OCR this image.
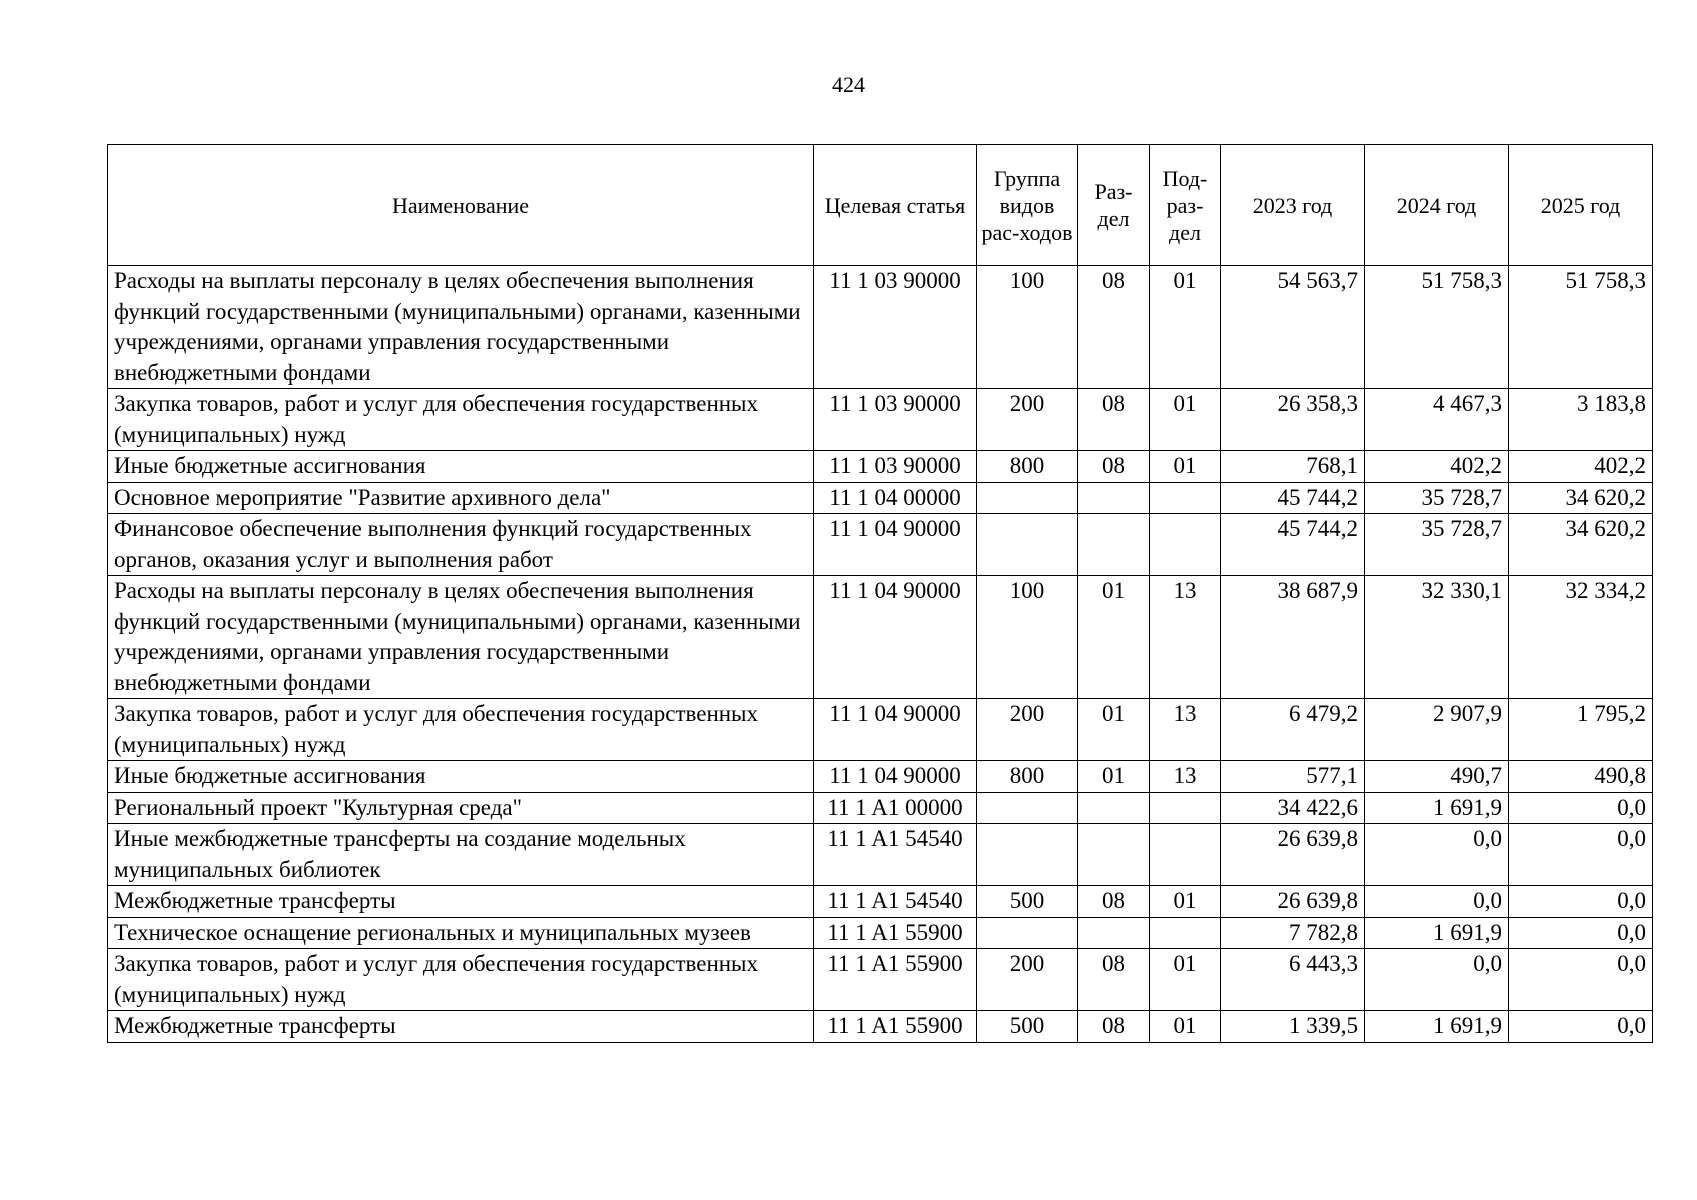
424
Наименование	Целевая статья	Группа видов рас-ходов	Раз-дел	Под-раз-дел	2023 год	2024 год	2025 год
Расходы на выплаты персоналу в целях обеспечения выполнения функций государственными (муниципальными) органами, казенными учреждениями, органами управления государственными внебюджетными фондами	11 1 03 90000	100	08	01	54 563,7	51 758,3	51 758,3
Закупка товаров, работ и услуг для обеспечения государственных (муниципальных) нужд	11 1 03 90000	200	08	01	26 358,3	4 467,3	3 183,8
Иные бюджетные ассигнования	11 1 03 90000	800	08	01	768,1	402,2	402,2
Основное мероприятие "Развитие архивного дела"	11 1 04 00000				45 744,2	35 728,7	34 620,2
Финансовое обеспечение выполнения функций государственных органов, оказания услуг и выполнения работ	11 1 04 90000				45 744,2	35 728,7	34 620,2
Расходы на выплаты персоналу в целях обеспечения выполнения функций государственными (муниципальными) органами, казенными учреждениями, органами управления государственными внебюджетными фондами	11 1 04 90000	100	01	13	38 687,9	32 330,1	32 334,2
Закупка товаров, работ и услуг для обеспечения государственных (муниципальных) нужд	11 1 04 90000	200	01	13	6 479,2	2 907,9	1 795,2
Иные бюджетные ассигнования	11 1 04 90000	800	01	13	577,1	490,7	490,8
Региональный проект "Культурная среда"	11 1 A1 00000				34 422,6	1 691,9	0,0
Иные межбюджетные трансферты на создание модельных муниципальных библиотек	11 1 A1 54540				26 639,8	0,0	0,0
Межбюджетные трансферты	11 1 A1 54540	500	08	01	26 639,8	0,0	0,0
Техническое оснащение региональных и муниципальных музеев	11 1 A1 55900				7 782,8	1 691,9	0,0
Закупка товаров, работ и услуг для обеспечения государственных (муниципальных) нужд	11 1 A1 55900	200	08	01	6 443,3	0,0	0,0
Межбюджетные трансферты	11 1 A1 55900	500	08	01	1 339,5	1 691,9	0,0
